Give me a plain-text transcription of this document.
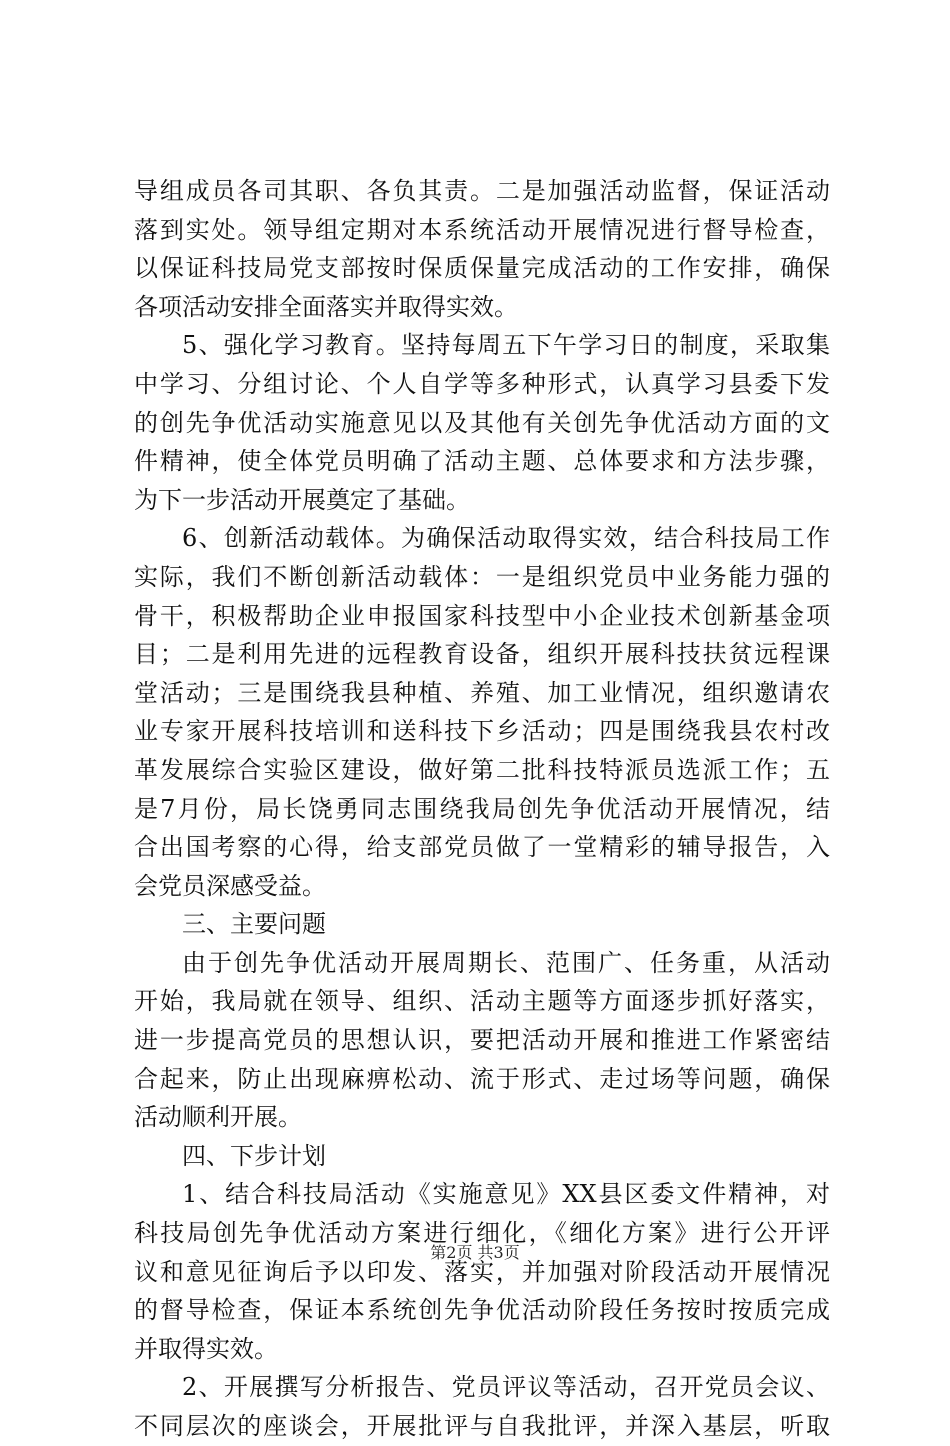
导组成员各司其职、各负其责。二是加强活动监督，保证活动
落到实处。领导组定期对本系统活动开展情况进行督导检查，
以保证科技局党支部按时保质保量完成活动的工作安排，确保
各项活动安排全面落实并取得实效。
5、强化学习教育。坚持每周五下午学习日的制度，采取集
中学习、分组讨论、个人自学等多种形式，认真学习县委下发
的创先争优活动实施意见以及其他有关创先争优活动方面的文
件精神，使全体党员明确了活动主题、总体要求和方法步骤，
为下一步活动开展奠定了基础。
6、创新活动载体。为确保活动取得实效，结合科技局工作
实际，我们不断创新活动载体：一是组织党员中业务能力强的
骨干，积极帮助企业申报国家科技型中小企业技术创新基金项
目；二是利用先进的远程教育设备，组织开展科技扶贫远程课
堂活动；三是围绕我县种植、养殖、加工业情况，组织邀请农
业专家开展科技培训和送科技下乡活动；四是围绕我县农村改
革发展综合实验区建设，做好第二批科技特派员选派工作；五
是7月份，局长饶勇同志围绕我局创先争优活动开展情况，结
合出国考察的心得，给支部党员做了一堂精彩的辅导报告，入
会党员深感受益。
三、主要问题
由于创先争优活动开展周期长、范围广、任务重，从活动
开始，我局就在领导、组织、活动主题等方面逐步抓好落实，
进一步提高党员的思想认识，要把活动开展和推进工作紧密结
合起来，防止出现麻痹松动、流于形式、走过场等问题，确保
活动顺利开展。
四、下步计划
1、结合科技局活动《实施意见》XX县区委文件精神，对
科技局创先争优活动方案进行细化，《细化方案》进行公开评
议和意见征询后予以印发、落实，并加强对阶段活动开展情况
的督导检查，保证本系统创先争优活动阶段任务按时按质完成
并取得实效。
2、开展撰写分析报告、党员评议等活动，召开党员会议、
不同层次的座谈会，开展批评与自我批评，并深入基层，听取
第2页 共3页
